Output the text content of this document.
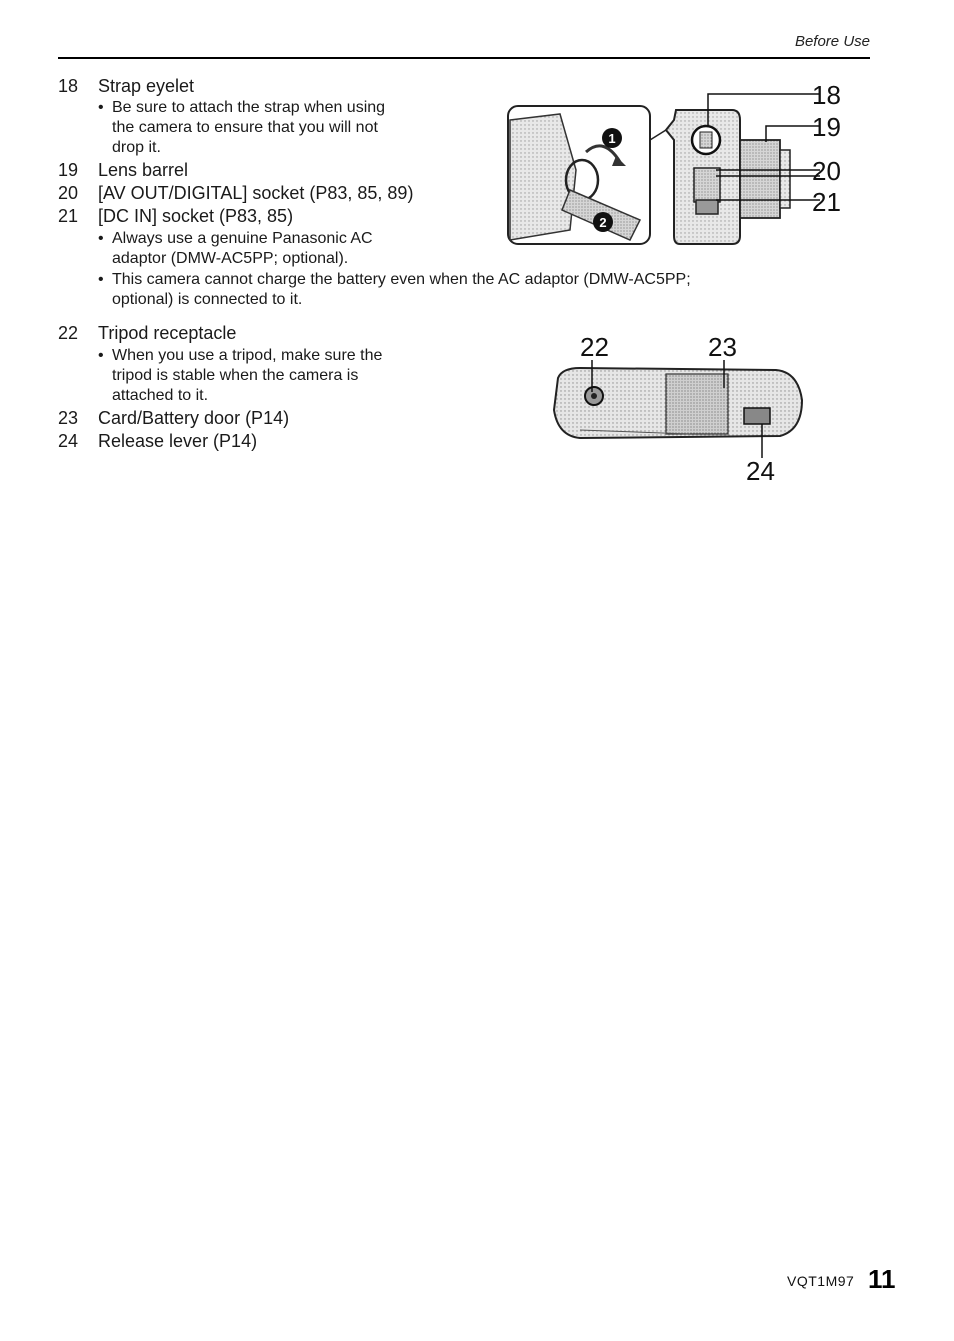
Before Use
18	Strap eyelet
• Be sure to attach the strap when using
the camera to ensure that you will not
drop it.
19	Lens barrel
20	[AV OUT/DIGITAL] socket (P83, 85, 89)
21	[DC IN] socket (P83, 85)
• Always use a genuine Panasonic AC
adaptor (DMW-AC5PP; optional).
• This camera cannot charge the battery even when the AC adaptor (DMW-AC5PP;
optional) is connected to it.
22	Tripod receptacle
• When you use a tripod, make sure the
tripod is stable when the camera is
attached to it.
23	Card/Battery door (P14)
24	Release lever (P14)
1
2
18
19
20
21
22	23
24
VQT1M97 11
